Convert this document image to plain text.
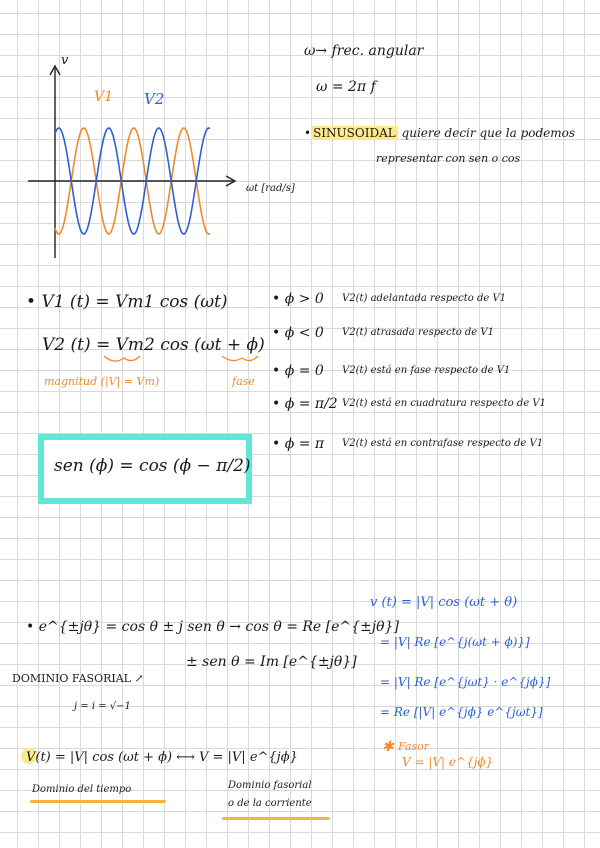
v
V1 V2
ωt [rad/s]
ω→ frec. angular
ω = 2π f
• SINUSOIDAL quiere decir que la podemos
representar con sen o cos
• V1 (t) = Vm1 cos (ωt)
V2 (t) = Vm2 cos (ωt + ϕ)
magnitud (|V| = Vm)	fase
• ϕ > 0 V2(t) adelantada respecto de V1
• ϕ < 0 V2(t) atrasada respecto de V1
• ϕ = 0 V2(t) está en fase respecto de V1
• ϕ = π/2 V2(t) está en cuadratura respecto de V1
• ϕ = π V2(t) está en contrafase respecto de V1
sen (ϕ) = cos (ϕ − π/2)
• e^{±jθ} = cos θ ± j sen θ → cos θ = Re [e^{±jθ}]
± sen θ = Im [e^{±jθ}]
DOMINIO FASORIAL ↗
j = i = √−1
v (t) = |V| cos (ωt + θ)
= |V| Re [e^{j(ωt + ϕ)}]
= |V| Re [e^{jωt} · e^{jϕ}]
= Re [|V| e^{jϕ} e^{jωt}]
✱ Fasor
V = |V| e^{jϕ}
V(t) = |V| cos (ωt + ϕ) ⟷ V = |V| e^{jϕ}
Dominio del tiempo	Dominio fasorial
o de la corriente
